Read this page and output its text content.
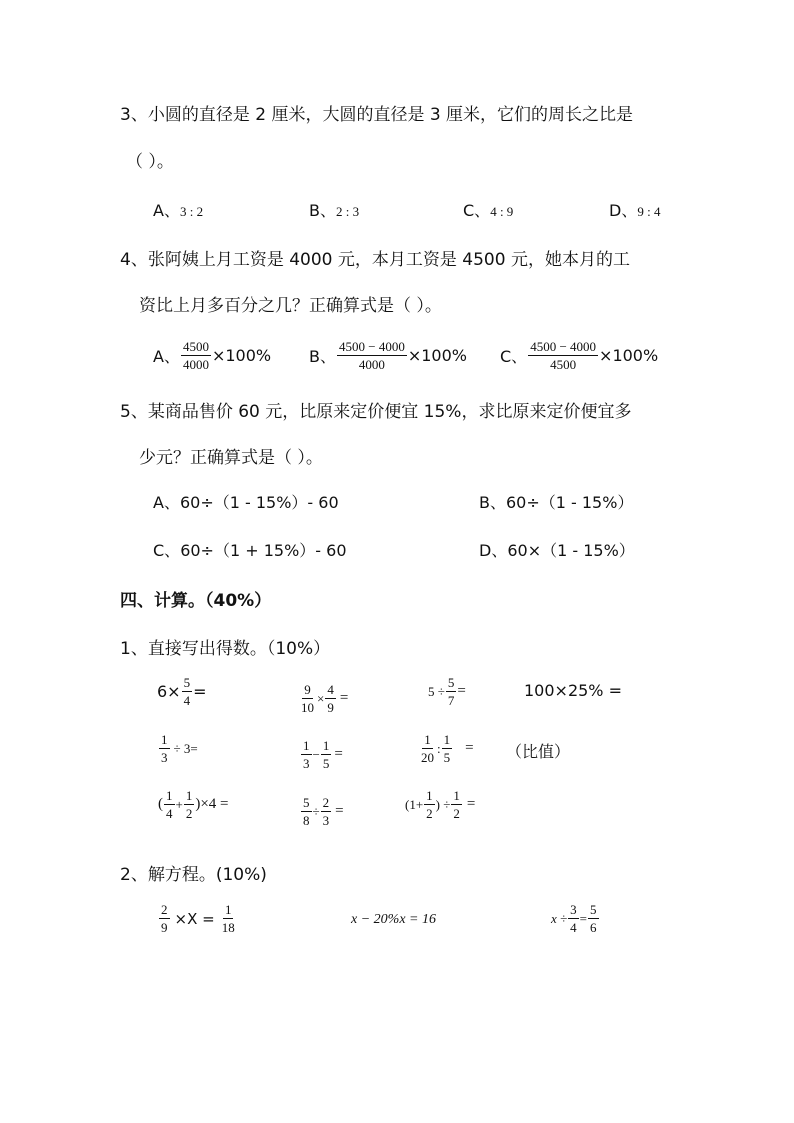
3、小圆的直径是 2 厘米，大圆的直径是 3 厘米，它们的周长之比是
（ ）。
A、3 : 2	B、2 : 3	C、4 : 9	D、9 : 4
4、张阿姨上月工资是 4000 元，本月工资是 4500 元，她本月的工
资比上月多百分之几？正确算式是（ ）。
A、 $\frac{4500}{4000} \times 100\%$ B、 $\frac{4500 - 4000}{4000} \times 100\%$ C、 $\frac{4500 - 4000}{4500} \times 100\%$
5、某商品售价 60 元，比原来定价便宜 15%，求比原来定价便宜多
少元？正确算式是（ ）。
A、60÷（1 - 15%）- 60	B、60÷（1 - 15%）
C、60÷（1 + 15%）- 60	D、60×（1 - 15%）
四、计算。（40%）
1、直接写出得数。（10%）
$6\times \frac{5}{4}$ =	$\frac{9}{10} \times \frac{4}{9}$ =	$5 \div \frac{5}{7}$ =	100×25% =
$\frac{1}{3} \div 3=$	$\frac{1}{3} - \frac{1}{5}$ =	$\frac{1}{20}$ : $\frac{1}{5}$ = （比值）
( $\frac{1}{4} + \frac{1}{2} )\times 4$ =	$\frac{5}{8} \div \frac{2}{3}$ =	($1+ \frac{1}{2}$ ) ÷ $\frac{1}{2}$ =
2、解方程。(10%)
$\frac{2}{9} \times X = \frac{1}{18}$	x − 20%x = 16	$x \div \frac{3}{4} = \frac{5}{6}$
